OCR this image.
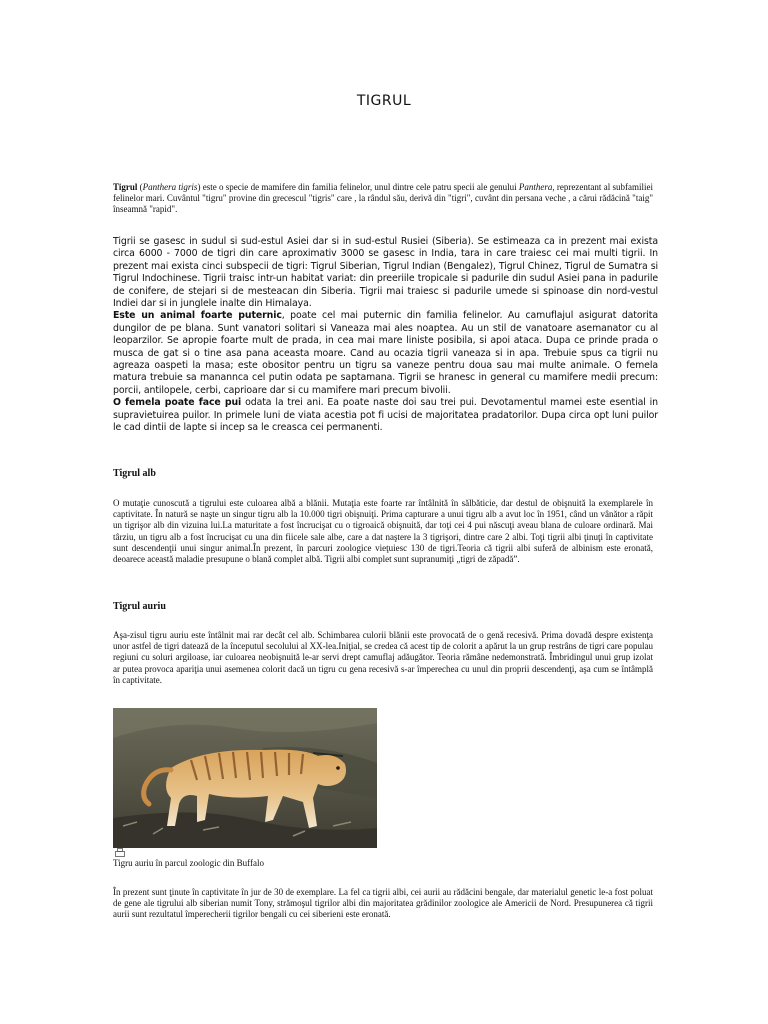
TIGRUL
Tigrul (Panthera tigris) este o specie de mamifere din familia felinelor, unul dintre cele patru specii ale genului Panthera, reprezentant al subfamiliei felinelor mari. Cuvântul "tigru" provine din grecescul "tigris" care , la rândul său, derivă din "tigri", cuvânt din persana veche , a cărui rădăcină "taig" înseamnă "rapid".
Tigrii se gasesc in sudul si sud-estul Asiei dar si in sud-estul Rusiei (Siberia). Se estimeaza ca in prezent mai exista circa 6000 - 7000 de tigri din care aproximativ 3000 se gasesc in India, tara in care traiesc cei mai multi tigrii. In prezent mai exista cinci subspecii de tigri: Tigrul Siberian, Tigrul Indian (Bengalez), Tigrul Chinez, Tigrul de Sumatra si Tigrul Indochinese. Tigrii traisc intr-un habitat variat: din preeriile tropicale si padurile din sudul Asiei pana in padurile de conifere, de stejari si de mesteacan din Siberia. Tigrii mai traiesc si padurile umede si spinoase din nord-vestul Indiei dar si in junglele inalte din Himalaya.
Este un animal foarte puternic, poate cel mai puternic din familia felinelor. Au camuflajul asigurat datorita dungilor de pe blana. Sunt vanatori solitari si Vaneaza mai ales noaptea. Au un stil de vanatoare asemanator cu al leoparzilor. Se apropie foarte mult de prada, in cea mai mare liniste posibila, si apoi ataca. Dupa ce prinde prada o musca de gat si o tine asa pana aceasta moare. Cand au ocazia tigrii vaneaza si in apa. Trebuie spus ca tigrii nu agreaza oaspeti la masa; este obositor pentru un tigru sa vaneze pentru doua sau mai multe animale. O femela matura trebuie sa manannca cel putin odata pe saptamana. Tigrii se hranesc in general cu mamifere medii precum: porcii, antilopele, cerbi, caprioare dar si cu mamifere mari precum bivolii.
O femela poate face pui odata la trei ani. Ea poate naste doi sau trei pui. Devotamentul mamei este esential in supravietuirea puilor. In primele luni de viata acestia pot fi ucisi de majoritatea pradatorilor. Dupa circa opt luni puilor le cad dintii de lapte si incep sa le creasca cei permanenti.
Tigrul alb
O mutaţie cunoscută a tigrului este culoarea albă a blănii. Mutaţia este foarte rar întâlnită în sălbăticie, dar destul de obişnuită la exemplarele în captivitate. În natură se naşte un singur tigru alb la 10.000 tigri obişnuiţi. Prima capturare a unui tigru alb a avut loc în 1951, când un vânător a răpit un tigrişor alb din vizuina lui.La maturitate a fost încrucişat cu o tigroaică obişnuită, dar toţi cei 4 pui născuţi aveau blana de culoare ordinară. Mai târziu, un tigru alb a fost încrucişat cu una din fiicele sale albe, care a dat naştere la 3 tigrişori, dintre care 2 albi. Toţi tigrii albi ţinuţi în captivitate sunt descendenţii unui singur animal.În prezent, în parcuri zoologice vieţuiesc 130 de tigri.Teoria că tigrii albi suferă de albinism este eronată, deoarece această maladie presupune o blană complet albă. Tigrii albi complet sunt supranumiţi „tigri de zăpadă”.
Tigrul auriu
Aşa-zisul tigru auriu este întâlnit mai rar decât cel alb. Schimbarea culorii blănii este provocată de o genă recesivă. Prima dovadă despre existenţa unor astfel de tigri datează de la începutul secolului al XX-lea.Iniţial, se credea că acest tip de colorit a apărut la un grup restrâns de tigri care populau regiuni cu soluri argiloase, iar culoarea neobişnuită le-ar servi drept camuflaj adăugător. Teoria rămâne nedemonstrată. Îmbridingul unui grup izolat ar putea provoca apariţia unui asemenea colorit dacă un tigru cu gena recesivă s-ar împerechea cu unul din proprii descendenţi, aşa cum se întâmplă în captivitate.
Tigru auriu în parcul zoologic din Buffalo
În prezent sunt ţinute în captivitate în jur de 30 de exemplare. La fel ca tigrii albi, cei aurii au rădăcini bengale, dar materialul genetic le-a fost poluat de gene ale tigrului alb siberian numit Tony, strămoşul tigrilor albi din majoritatea grădinilor zoologice ale Americii de Nord. Presupunerea că tigrii aurii sunt rezultatul împerecherii tigrilor bengali cu cei siberieni este eronată.
